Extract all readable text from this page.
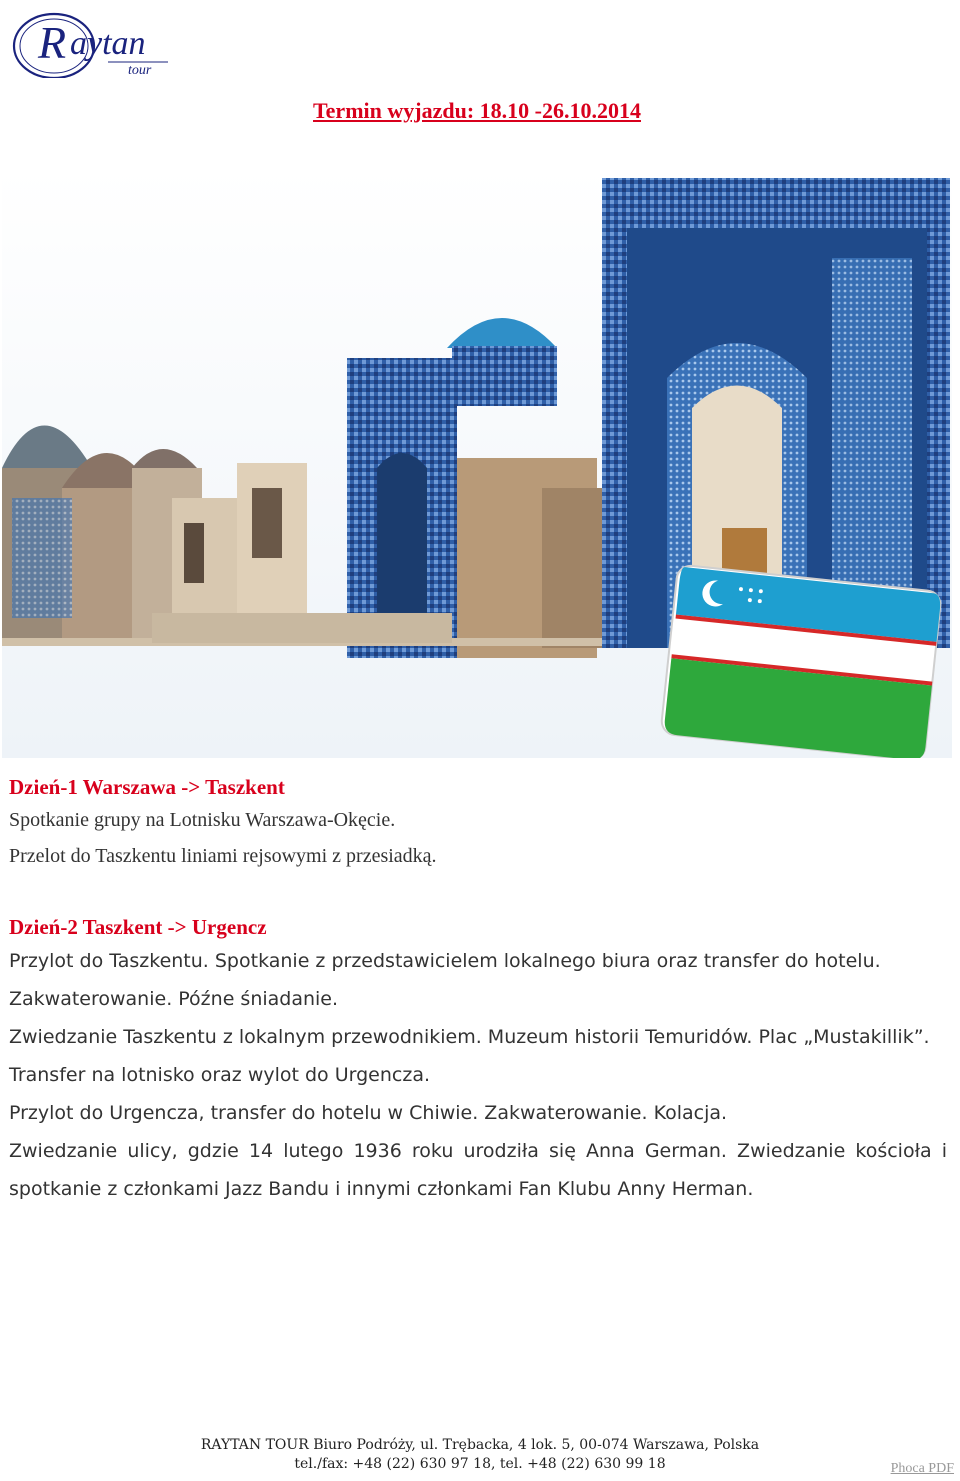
R aytan
tour
Termin wyjazdu: 18.10 -26.10.2014

Dzień-1 Warszawa -> Taszkent

Spotkanie grupy na Lotnisku Warszawa-Okęcie.

Przelot do Taszkentu liniami rejsowymi z przesiadką.

Dzień-2 Taszkent -> Urgencz

Przylot do Taszkentu. Spotkanie z przedstawicielem lokalnego biura oraz transfer do hotelu. Zakwaterowanie. Późne śniadanie.

Zwiedzanie Taszkentu z lokalnym przewodnikiem. Muzeum historii Temuridów. Plac „Mustakillik”.

Transfer na lotnisko oraz wylot do Urgencza.

Przylot do Urgencza, transfer do hotelu w Chiwie. Zakwaterowanie. Kolacja.

Zwiedzanie ulicy, gdzie 14 lutego 1936 roku urodziła się Anna German. Zwiedzanie kościoła i spotkanie z członkami Jazz Bandu i innymi członkami Fan Klubu Anny Herman.

RAYTAN TOUR Biuro Podróży, ul. Trębacka, 4 lok. 5, 00-074 Warszawa, Polska
tel./fax: +48 (22) 630 97 18, tel. +48 (22) 630 99 18	Phoca PDF
